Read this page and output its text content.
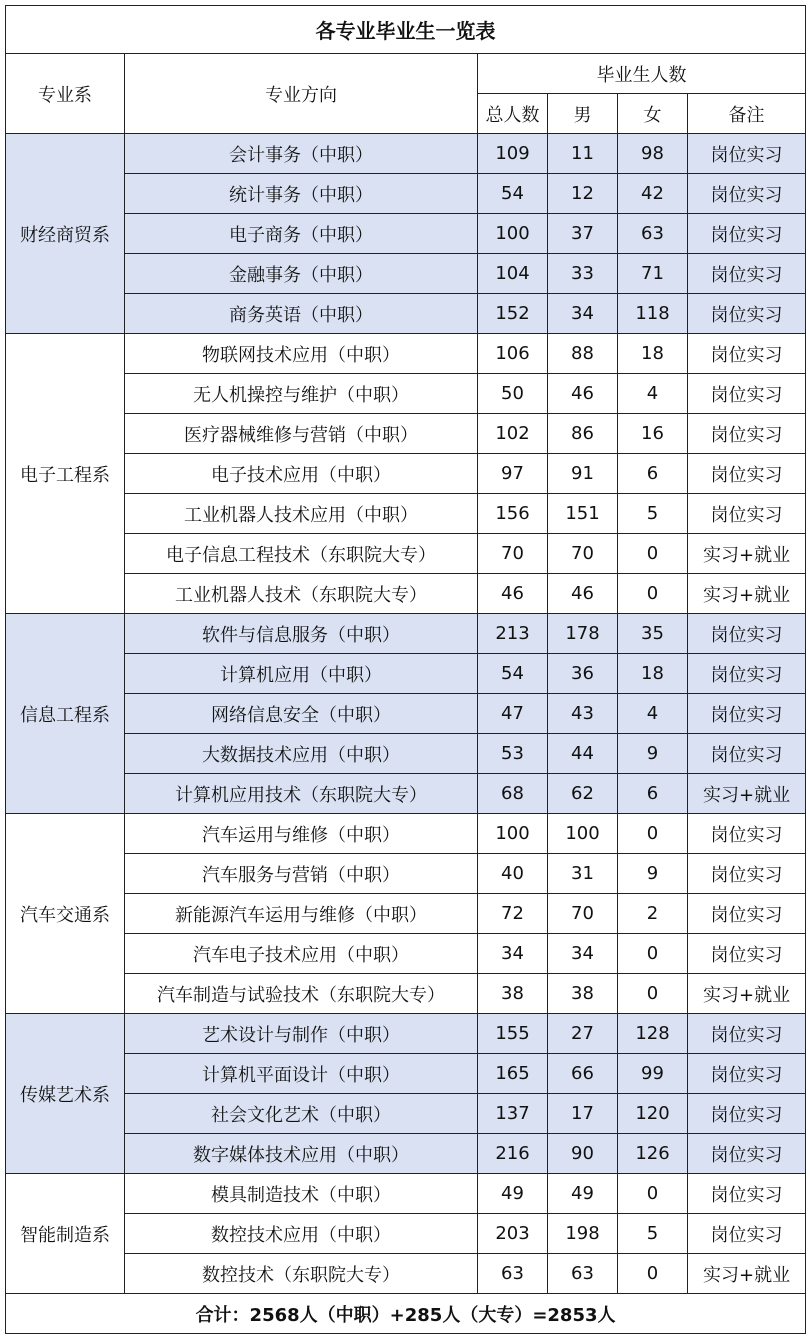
各专业毕业生一览表					
专业系	专业方向	毕业生人数			
		总人数	男	女	备注
财经商贸系	会计事务（中职）	109	11	98	岗位实习
	统计事务（中职）	54	12	42	岗位实习
	电子商务（中职）	100	37	63	岗位实习
	金融事务（中职）	104	33	71	岗位实习
	商务英语（中职）	152	34	118	岗位实习
电子工程系	物联网技术应用（中职）	106	88	18	岗位实习
	无人机操控与维护（中职）	50	46	4	岗位实习
	医疗器械维修与营销（中职）	102	86	16	岗位实习
	电子技术应用（中职）	97	91	6	岗位实习
	工业机器人技术应用（中职）	156	151	5	岗位实习
	电子信息工程技术（东职院大专）	70	70	0	实习+就业
	工业机器人技术（东职院大专）	46	46	0	实习+就业
信息工程系	软件与信息服务（中职）	213	178	35	岗位实习
	计算机应用（中职）	54	36	18	岗位实习
	网络信息安全（中职）	47	43	4	岗位实习
	大数据技术应用（中职）	53	44	9	岗位实习
	计算机应用技术（东职院大专）	68	62	6	实习+就业
汽车交通系	汽车运用与维修（中职）	100	100	0	岗位实习
	汽车服务与营销（中职）	40	31	9	岗位实习
	新能源汽车运用与维修（中职）	72	70	2	岗位实习
	汽车电子技术应用（中职）	34	34	0	岗位实习
	汽车制造与试验技术（东职院大专）	38	38	0	实习+就业
传媒艺术系	艺术设计与制作（中职）	155	27	128	岗位实习
	计算机平面设计（中职）	165	66	99	岗位实习
	社会文化艺术（中职）	137	17	120	岗位实习
	数字媒体技术应用（中职）	216	90	126	岗位实习
智能制造系	模具制造技术（中职）	49	49	0	岗位实习
	数控技术应用（中职）	203	198	5	岗位实习
	数控技术（东职院大专）	63	63	0	实习+就业
合计：2568人（中职）+285人（大专）=2853人					
